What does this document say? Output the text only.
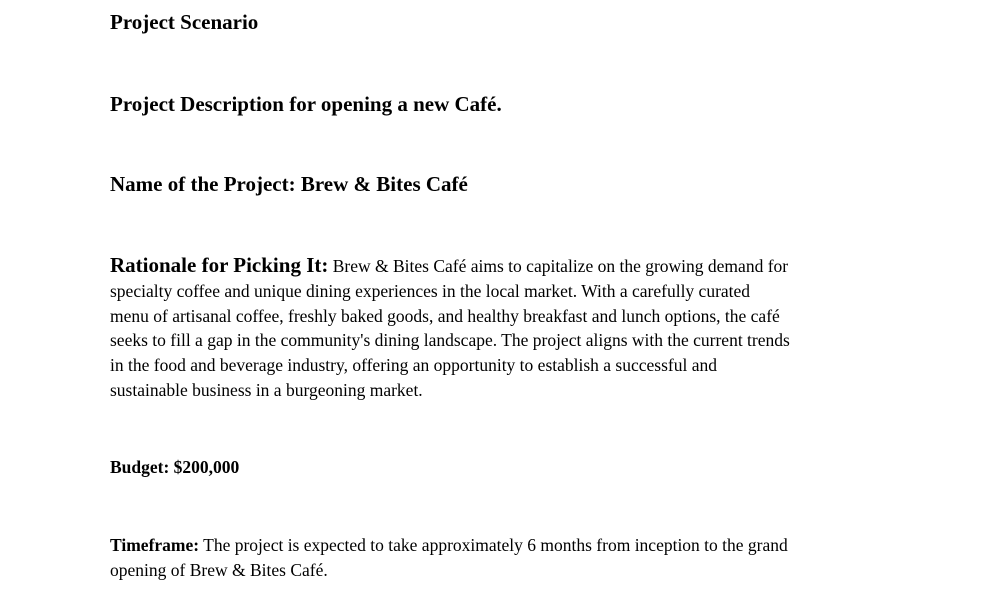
Project Scenario
Project Description for opening a new Café.
Name of the Project: Brew & Bites Café
Rationale for Picking It: Brew & Bites Café aims to capitalize on the growing demand for
specialty coffee and unique dining experiences in the local market. With a carefully curated
menu of artisanal coffee, freshly baked goods, and healthy breakfast and lunch options, the café
seeks to fill a gap in the community's dining landscape. The project aligns with the current trends
in the food and beverage industry, offering an opportunity to establish a successful and
sustainable business in a burgeoning market.
Budget: $200,000
Timeframe: The project is expected to take approximately 6 months from inception to the grand
opening of Brew & Bites Café.
